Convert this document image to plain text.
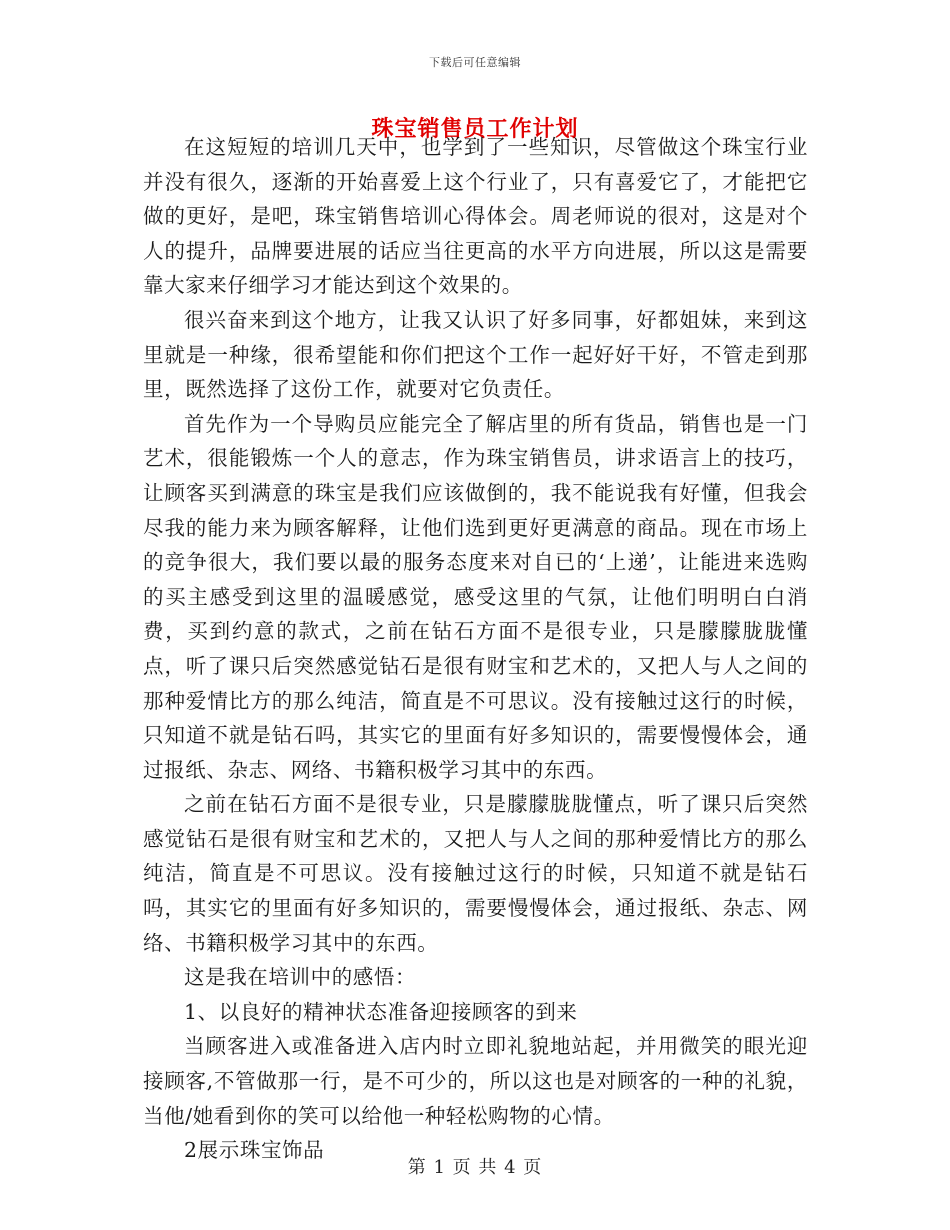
下载后可任意编辑
珠宝销售员工作计划

在这短短的培训几天中，也学到了一些知识，尽管做这个珠宝行业并没有很久，逐渐的开始喜爱上这个行业了，只有喜爱它了，才能把它做的更好，是吧，珠宝销售培训心得体会。周老师说的很对，这是对个人的提升，品牌要进展的话应当往更高的水平方向进展，所以这是需要靠大家来仔细学习才能达到这个效果的。

很兴奋来到这个地方，让我又认识了好多同事，好都姐妹，来到这里就是一种缘，很希望能和你们把这个工作一起好好干好，不管走到那里，既然选择了这份工作，就要对它负责任。

首先作为一个导购员应能完全了解店里的所有货品，销售也是一门艺术，很能锻炼一个人的意志，作为珠宝销售员，讲求语言上的技巧，让顾客买到满意的珠宝是我们应该做倒的，我不能说我有好懂，但我会尽我的能力来为顾客解释，让他们选到更好更满意的商品。现在市场上的竞争很大，我们要以最的服务态度来对自已的‘上递’，让能进来选购的买主感受到这里的温暖感觉，感受这里的气氛，让他们明明白白消费，买到约意的款式，之前在钻石方面不是很专业，只是朦朦胧胧懂点，听了课只后突然感觉钻石是很有财宝和艺术的，又把人与人之间的那种爱情比方的那么纯洁，简直是不可思议。没有接触过这行的时候，只知道不就是钻石吗，其实它的里面有好多知识的，需要慢慢体会，通过报纸、杂志、网络、书籍积极学习其中的东西。

之前在钻石方面不是很专业，只是朦朦胧胧懂点，听了课只后突然感觉钻石是很有财宝和艺术的，又把人与人之间的那种爱情比方的那么纯洁，简直是不可思议。没有接触过这行的时候，只知道不就是钻石吗，其实它的里面有好多知识的，需要慢慢体会，通过报纸、杂志、网络、书籍积极学习其中的东西。

这是我在培训中的感悟：

1、以良好的精神状态准备迎接顾客的到来

当顾客进入或准备进入店内时立即礼貌地站起，并用微笑的眼光迎接顾客,不管做那一行，是不可少的，所以这也是对顾客的一种的礼貌，当他/她看到你的笑可以给他一种轻松购物的心情。

2展示珠宝饰品

第 1 页 共 4 页
